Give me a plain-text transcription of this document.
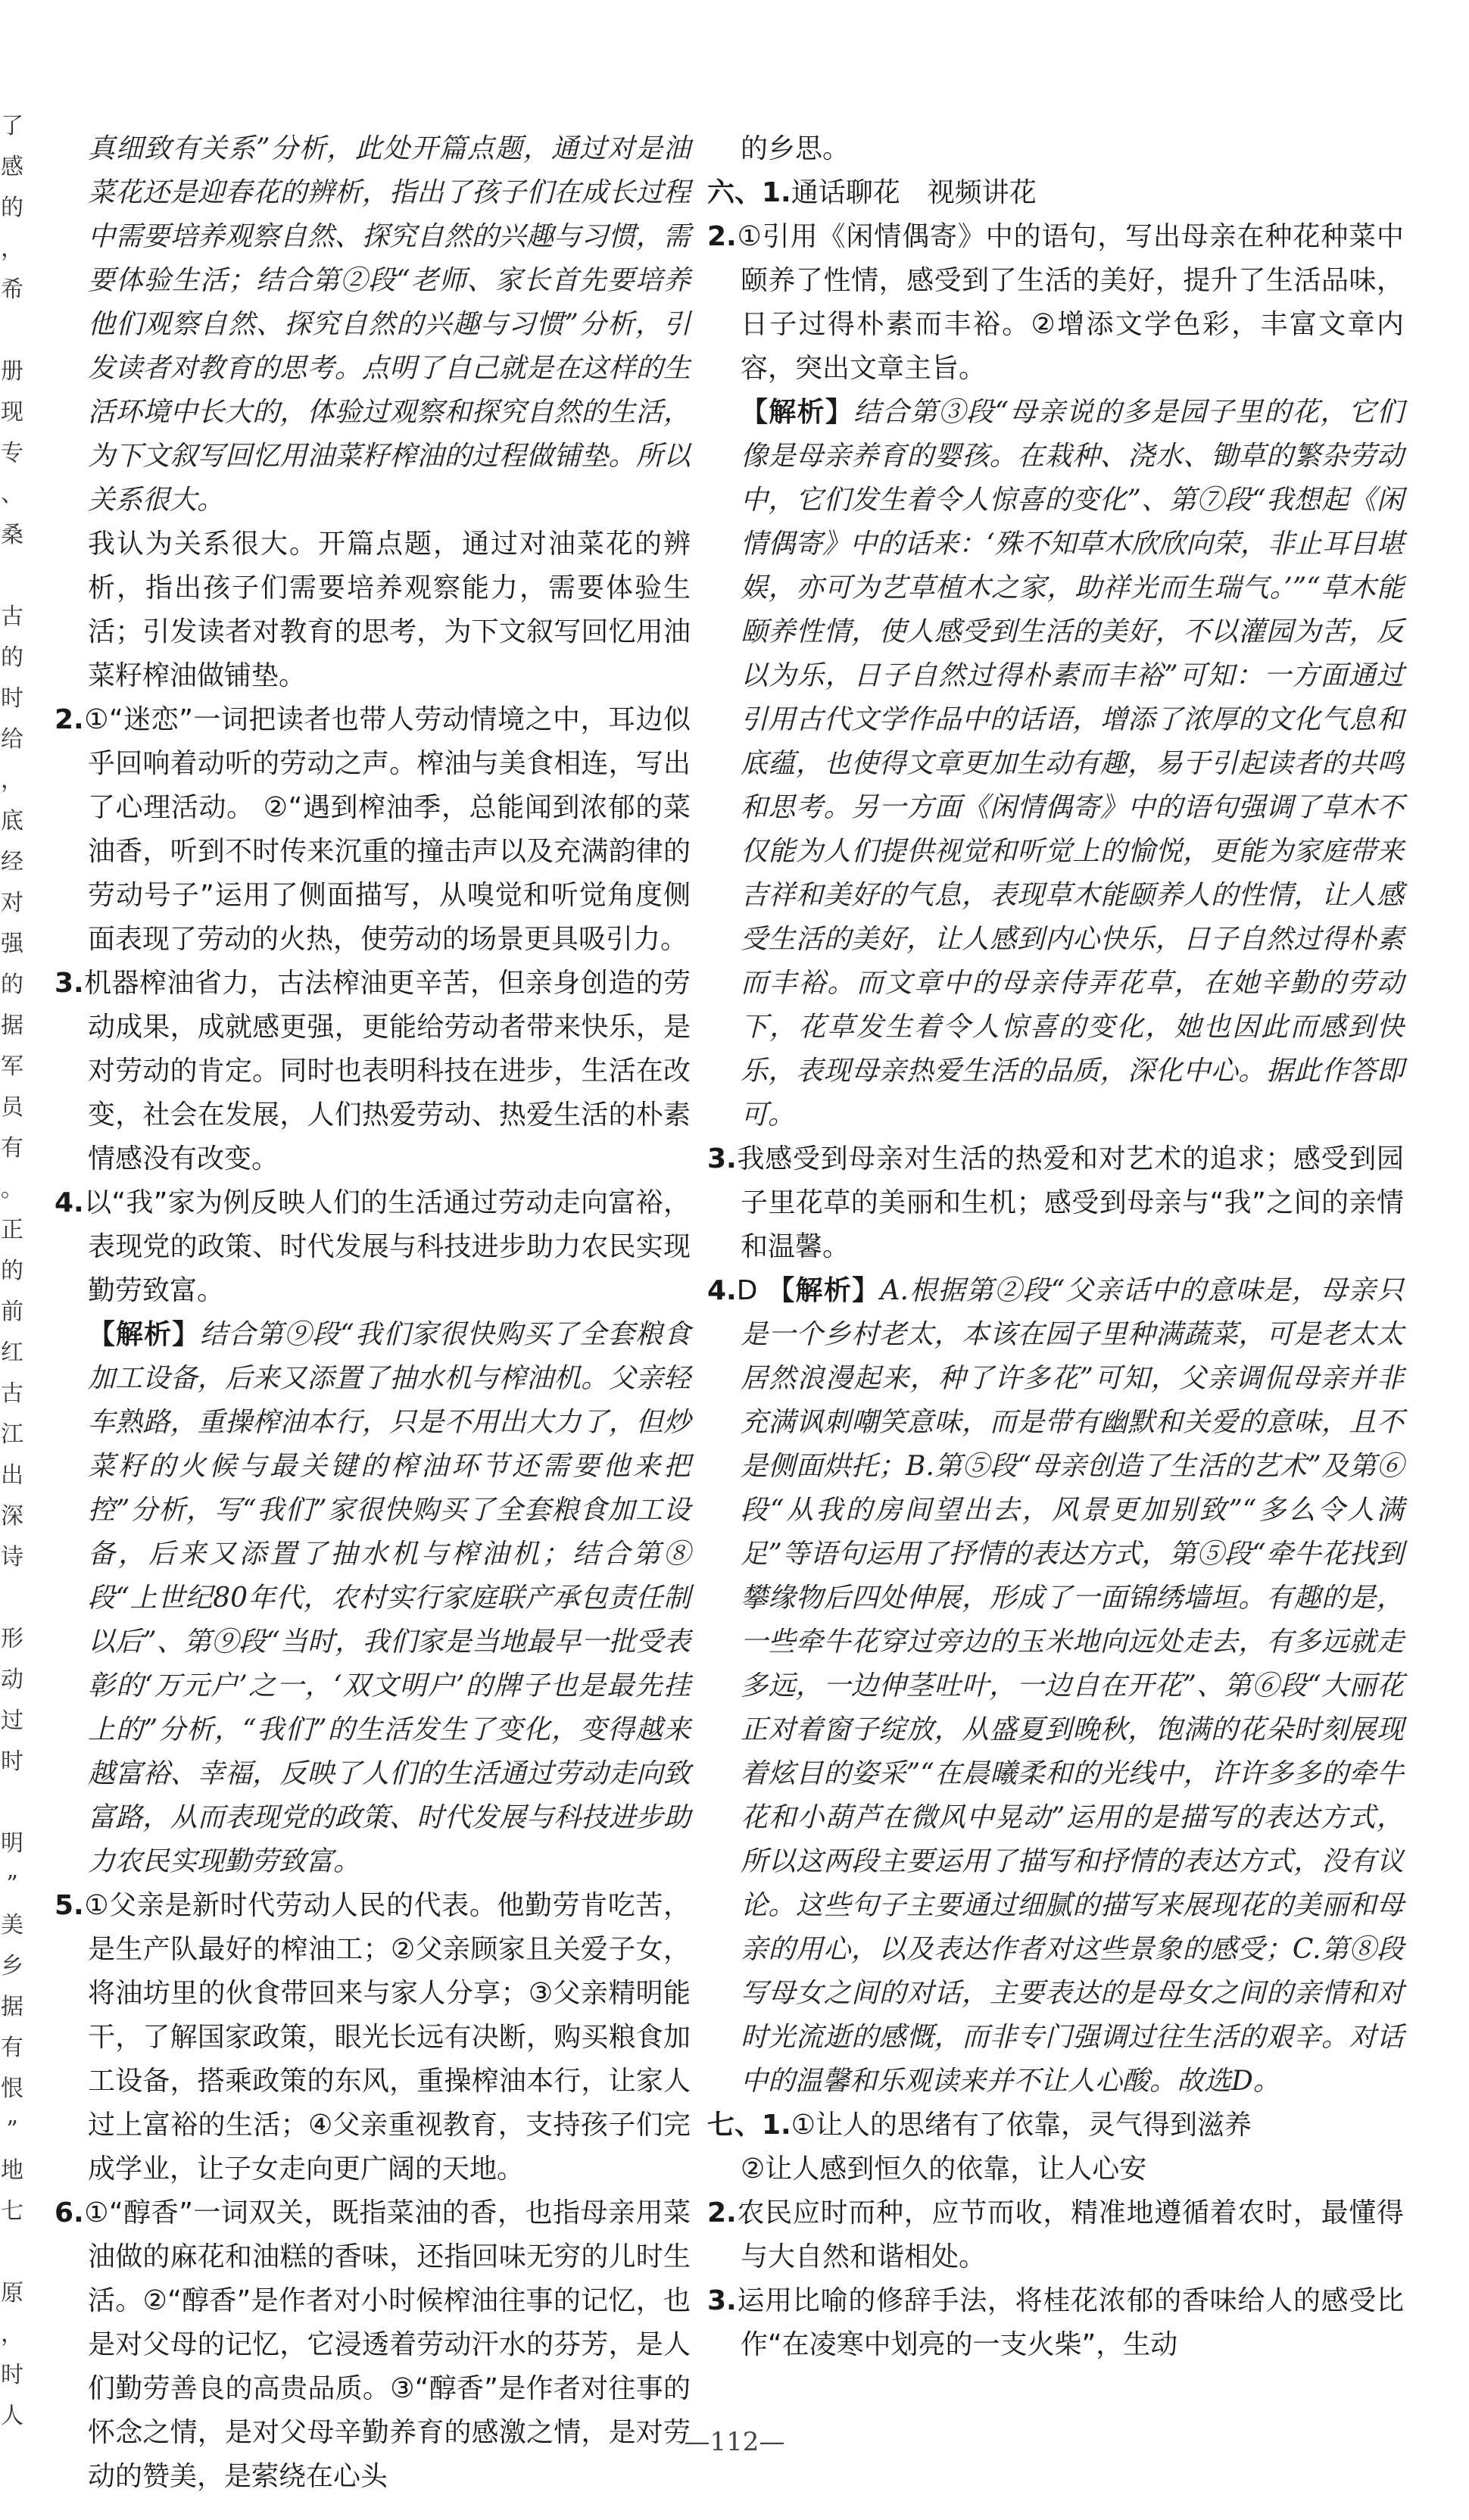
了
感
的
，
希
册
现
专
、
桑
古
的
时
给
，
底
经
对
强
的
据
军
员
有
。
正
的
前
红
古
江
出
深
诗
形
动
过
时
明
”
美
乡
据
有
恨
”
地
七
原
，
时
人

真细致有关系”分析，此处开篇点题，通过对是油菜花还是迎春花的辨析，指出了孩子们在成长过程中需要培养观察自然、探究自然的兴趣与习惯，需要体验生活；结合第②段“老师、家长首先要培养他们观察自然、探究自然的兴趣与习惯”分析，引发读者对教育的思考。点明了自己就是在这样的生活环境中长大的，体验过观察和探究自然的生活，为下文叙写回忆用油菜籽榨油的过程做铺垫。所以关系很大。

我认为关系很大。开篇点题，通过对油菜花的辨析，指出孩子们需要培养观察能力，需要体验生活；引发读者对教育的思考，为下文叙写回忆用油菜籽榨油做铺垫。

2.①“迷恋”一词把读者也带人劳动情境之中，耳边似乎回响着动听的劳动之声。榨油与美食相连，写出了心理活动。 ②“遇到榨油季，总能闻到浓郁的菜油香，听到不时传来沉重的撞击声以及充满韵律的劳动号子”运用了侧面描写，从嗅觉和听觉角度侧面表现了劳动的火热，使劳动的场景更具吸引力。

3.机器榨油省力，古法榨油更辛苦，但亲身创造的劳动成果，成就感更强，更能给劳动者带来快乐，是对劳动的肯定。同时也表明科技在进步，生活在改变，社会在发展，人们热爱劳动、热爱生活的朴素情感没有改变。

4.以“我”家为例反映人们的生活通过劳动走向富裕，表现党的政策、时代发展与科技进步助力农民实现勤劳致富。

【解析】结合第⑨段“我们家很快购买了全套粮食加工设备，后来又添置了抽水机与榨油机。父亲轻车熟路，重操榨油本行，只是不用出大力了，但炒菜籽的火候与最关键的榨油环节还需要他来把控”分析，写“我们”家很快购买了全套粮食加工设备，后来又添置了抽水机与榨油机；结合第⑧段“上世纪80年代，农村实行家庭联产承包责任制以后”、第⑨段“当时，我们家是当地最早一批受表彰的‘万元户’之一，‘双文明户’的牌子也是最先挂上的”分析，“我们”的生活发生了变化，变得越来越富裕、幸福，反映了人们的生活通过劳动走向致富路，从而表现党的政策、时代发展与科技进步助力农民实现勤劳致富。

5.①父亲是新时代劳动人民的代表。他勤劳肯吃苦，是生产队最好的榨油工；②父亲顾家且关爱子女，将油坊里的伙食带回来与家人分享；③父亲精明能干，了解国家政策，眼光长远有决断，购买粮食加工设备，搭乘政策的东风，重操榨油本行，让家人过上富裕的生活；④父亲重视教育，支持孩子们完成学业，让子女走向更广阔的天地。

6.①“醇香”一词双关，既指菜油的香，也指母亲用菜油做的麻花和油糕的香味，还指回味无穷的儿时生活。②“醇香”是作者对小时候榨油往事的记忆，也是对父母的记忆，它浸透着劳动汗水的芬芳，是人们勤劳善良的高贵品质。③“醇香”是作者对往事的怀念之情，是对父母辛勤养育的感激之情，是对劳动的赞美，是萦绕在心头

的乡思。

六、1.通话聊花　视频讲花

2.①引用《闲情偶寄》中的语句，写出母亲在种花种菜中颐养了性情，感受到了生活的美好，提升了生活品味，日子过得朴素而丰裕。②增添文学色彩，丰富文章内容，突出文章主旨。

【解析】结合第③段“母亲说的多是园子里的花，它们像是母亲养育的婴孩。在栽种、浇水、锄草的繁杂劳动中，它们发生着令人惊喜的变化”、第⑦段“我想起《闲情偶寄》中的话来：‘殊不知草木欣欣向荣，非止耳目堪娱，亦可为艺草植木之家，助祥光而生瑞气。’”“草木能颐养性情，使人感受到生活的美好，不以灌园为苦，反以为乐，日子自然过得朴素而丰裕”可知：一方面通过引用古代文学作品中的话语，增添了浓厚的文化气息和底蕴，也使得文章更加生动有趣，易于引起读者的共鸣和思考。另一方面《闲情偶寄》中的语句强调了草木不仅能为人们提供视觉和听觉上的愉悦，更能为家庭带来吉祥和美好的气息，表现草木能颐养人的性情，让人感受生活的美好，让人感到内心快乐，日子自然过得朴素而丰裕。而文章中的母亲侍弄花草，在她辛勤的劳动下，花草发生着令人惊喜的变化，她也因此而感到快乐，表现母亲热爱生活的品质，深化中心。据此作答即可。

3.我感受到母亲对生活的热爱和对艺术的追求；感受到园子里花草的美丽和生机；感受到母亲与“我”之间的亲情和温馨。

4.D 【解析】A.根据第②段“父亲话中的意味是，母亲只是一个乡村老太，本该在园子里种满蔬菜，可是老太太居然浪漫起来，种了许多花”可知，父亲调侃母亲并非充满讽刺嘲笑意味，而是带有幽默和关爱的意味，且不是侧面烘托；B.第⑤段“母亲创造了生活的艺术”及第⑥段“从我的房间望出去，风景更加别致”“多么令人满足”等语句运用了抒情的表达方式，第⑤段“牵牛花找到攀缘物后四处伸展，形成了一面锦绣墙垣。有趣的是，一些牵牛花穿过旁边的玉米地向远处走去，有多远就走多远，一边伸茎吐叶，一边自在开花”、第⑥段“大丽花正对着窗子绽放，从盛夏到晚秋，饱满的花朵时刻展现着炫目的姿采”“在晨曦柔和的光线中，许许多多的牵牛花和小葫芦在微风中晃动”运用的是描写的表达方式，所以这两段主要运用了描写和抒情的表达方式，没有议论。这些句子主要通过细腻的描写来展现花的美丽和母亲的用心，以及表达作者对这些景象的感受；C.第⑧段写母女之间的对话，主要表达的是母女之间的亲情和对时光流逝的感慨，而非专门强调过往生活的艰辛。对话中的温馨和乐观读来并不让人心酸。故选D。

七、1.①让人的思绪有了依靠，灵气得到滋养

②让人感到恒久的依靠，让人心安

2.农民应时而种，应节而收，精准地遵循着农时，最懂得与大自然和谐相处。

3.运用比喻的修辞手法，将桂花浓郁的香味给人的感受比作“在凌寒中划亮的一支火柴”，生动

—112—
